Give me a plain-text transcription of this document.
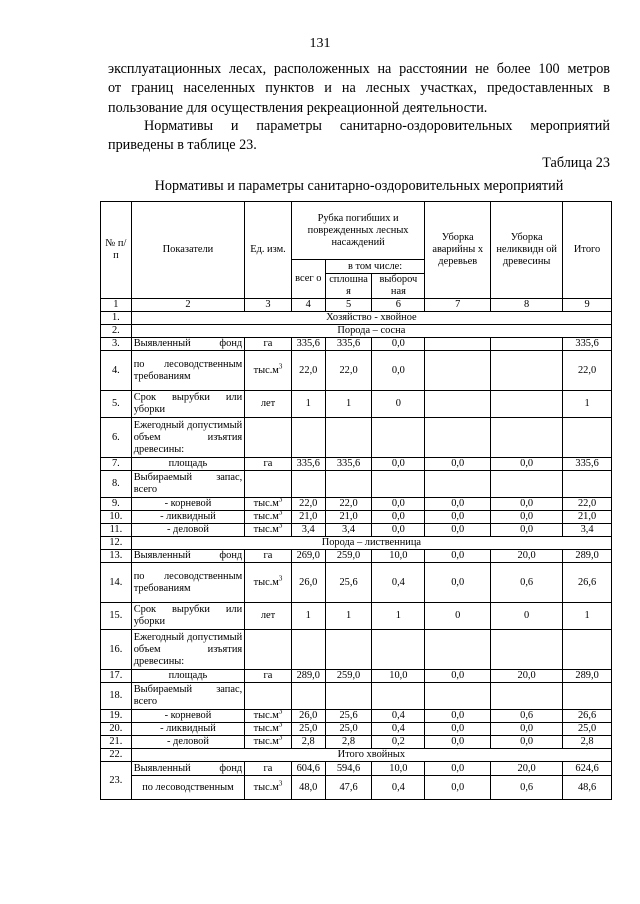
131

эксплуатационных лесах, расположенных на расстоянии не более 100 метров
от границ населенных пунктов и на лесных участках, предоставленных в
пользование для осуществления рекреационной деятельности.

Нормативы и параметры санитарно-оздоровительных мероприятий
приведены в таблице 23.

Таблица 23
Нормативы и параметры санитарно-оздоровительных мероприятий
№ п/п	Показатели	Ед. изм.	Рубка погибших и поврежденных лесных насаждений			Уборка аварийны х деревьев	Уборка неликвидн ой древесины	Итого
			всег о	в том числе:				
				сплошна я	выбороч ная			
1	2	3	4	5	6	7	8	9
1.	Хозяйство - хвойное							
2.	Порода – сосна							
3.	Выявленный фонд	га	335,6	335,6	0,0			335,6
4.	по лесоводственным требованиям	$тыс.м^3$	22,0	22,0	0,0			22,0
5.	Срок вырубки или уборки	лет	1	1	0			1
6.	Ежегодный допустимый объем изъятия древесины:							
7.	площадь	га	335,6	335,6	0,0	0,0	0,0	335,6
8.	Выбираемый запас, всего							
9.	- корневой	$тыс.м^3$	22,0	22,0	0,0	0,0	0,0	22,0
10.	- ликвидный	$тыс.м^3$	21,0	21,0	0,0	0,0	0,0	21,0
11.	- деловой	$тыс.м^3$	3,4	3,4	0,0	0,0	0,0	3,4
12.	Порода – лиственница							
13.	Выявленный фонд	га	269,0	259,0	10,0	0,0	20,0	289,0
14.	по лесоводственным требованиям	$тыс.м^3$	26,0	25,6	0,4	0,0	0,6	26,6
15.	Срок вырубки или уборки	лет	1	1	1	0	0	1
16.	Ежегодный допустимый объем изъятия древесины:							
17.	площадь	га	289,0	259,0	10,0	0,0	20,0	289,0
18.	Выбираемый запас, всего							
19.	- корневой	$тыс.м^3$	26,0	25,6	0,4	0,0	0,6	26,6
20.	- ликвидный	$тыс.м^3$	25,0	25,0	0,4	0,0	0,0	25,0
21.	- деловой	$тыс.м^3$	2,8	2,8	0,2	0,0	0,0	2,8
22.	Итого хвойных							
23.	Выявленный фонд	га	604,6	594,6	10,0	0,0	20,0	624,6
	по лесоводственным	$тыс.м^3$	48,0	47,6	0,4	0,0	0,6	48,6
